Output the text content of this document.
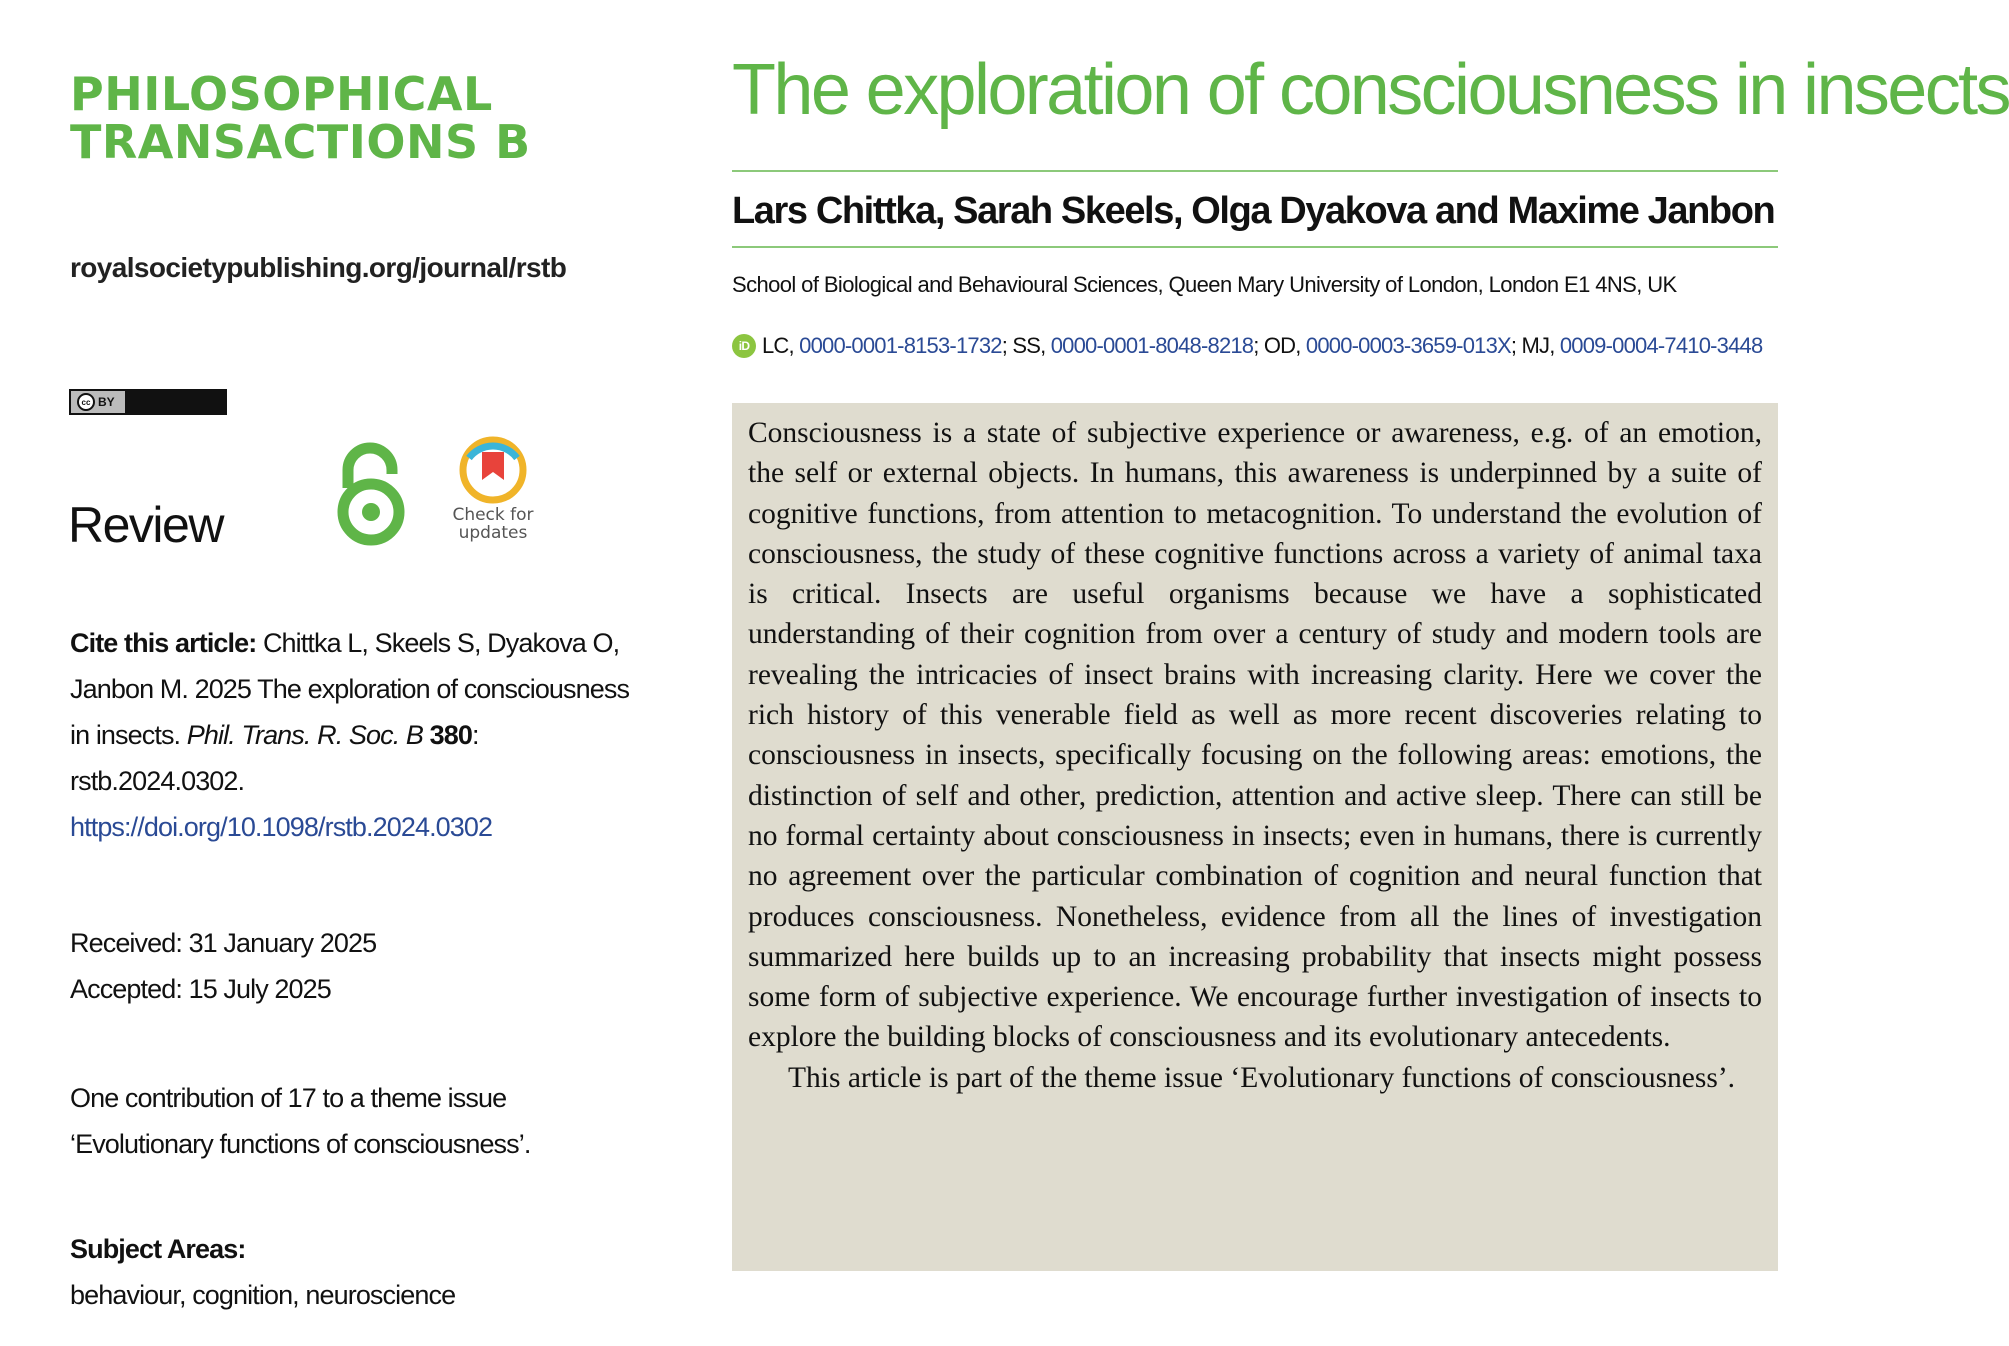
PHILOSOPHICAL
TRANSACTIONS B
royalsocietypublishing.org/journal/rstb
cc BY
Review	Check for
updates
Cite this article: Chittka L, Skeels S, Dyakova O, Janbon M. 2025 The exploration of consciousness in insects. Phil. Trans. R. Soc. B 380: rstb.2024.0302.
https://doi.org/10.1098/rstb.2024.0302
Received: 31 January 2025
Accepted: 15 July 2025
One contribution of 17 to a theme issue
‘Evolutionary functions of consciousness’.
Subject Areas:
behaviour, cognition, neuroscience
The exploration of consciousness in insects
Lars Chittka, Sarah Skeels, Olga Dyakova and Maxime Janbon
School of Biological and Behavioural Sciences, Queen Mary University of London, London E1 4NS, UK
iD LC , 0000-0001-8153-1732 ; SS , 0000-0001-8048-8218 ; OD , 0000-0003-3659-013X ; MJ , 0009-0004-7410-3448

Consciousness is a state of subjective experience or awareness, e.g. of an emotion, the self or external objects. In humans, this awareness is underpinned by a suite of cognitive functions, from attention to metacognition. To understand the evolution of consciousness, the study of these cognitive functions across a variety of animal taxa is critical. Insects are useful organisms because we have a sophisticated understanding of their cognition from over a century of study and modern tools are revealing the intricacies of insect brains with increasing clarity. Here we cover the rich history of this venerable field as well as more recent discoveries relating to consciousness in insects, specifically focusing on the following areas: emotions, the distinction of self and other, prediction, attention and active sleep. There can still be no formal certainty about consciousness in insects; even in humans, there is currently no agreement over the particular combination of cognition and neural function that produces consciousness. Nonetheless, evidence from all the lines of investigation summarized here builds up to an increasing probability that insects might possess some form of subjective experience. We encourage further investigation of insects to explore the building blocks of consciousness and its evolutionary antecedents.

This article is part of the theme issue ‘Evolutionary functions of consciousness’.
